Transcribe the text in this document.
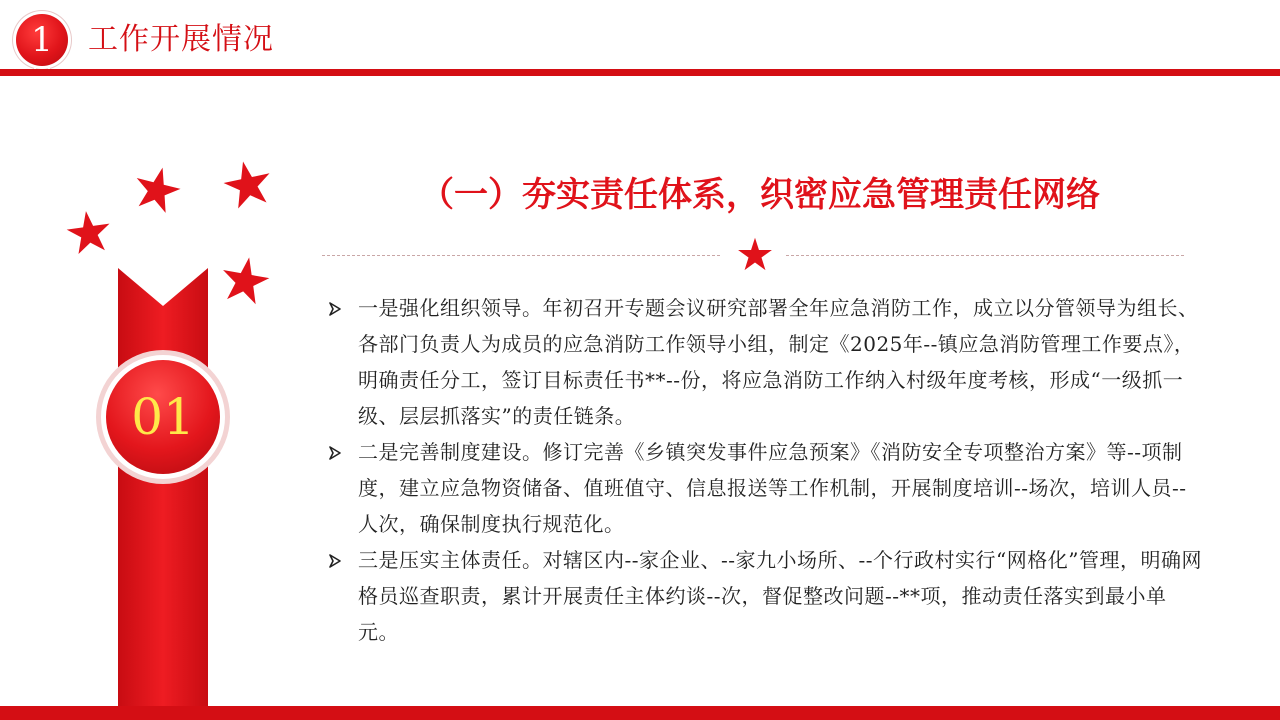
1 工作开展情况
01
（一）夯实责任体系，织密应急管理责任网络
一是强化组织领导。年初召开专题会议研究部署全年应急消防工作，成立以分管领导为组长、各部门负责人为成员的应急消防工作领导小组，制定《2025年--镇应急消防管理工作要点》，明确责任分工，签订目标责任书**--份，将应急消防工作纳入村级年度考核，形成“一级抓一级、层层抓落实”的责任链条。
二是完善制度建设。修订完善《乡镇突发事件应急预案》《消防安全专项整治方案》等--项制度，建立应急物资储备、值班值守、信息报送等工作机制，开展制度培训--场次，培训人员--人次，确保制度执行规范化。
三是压实主体责任。对辖区内--家企业、--家九小场所、--个行政村实行“网格化”管理，明确网格员巡查职责，累计开展责任主体约谈--次，督促整改问题--**项，推动责任落实到最小单元。
